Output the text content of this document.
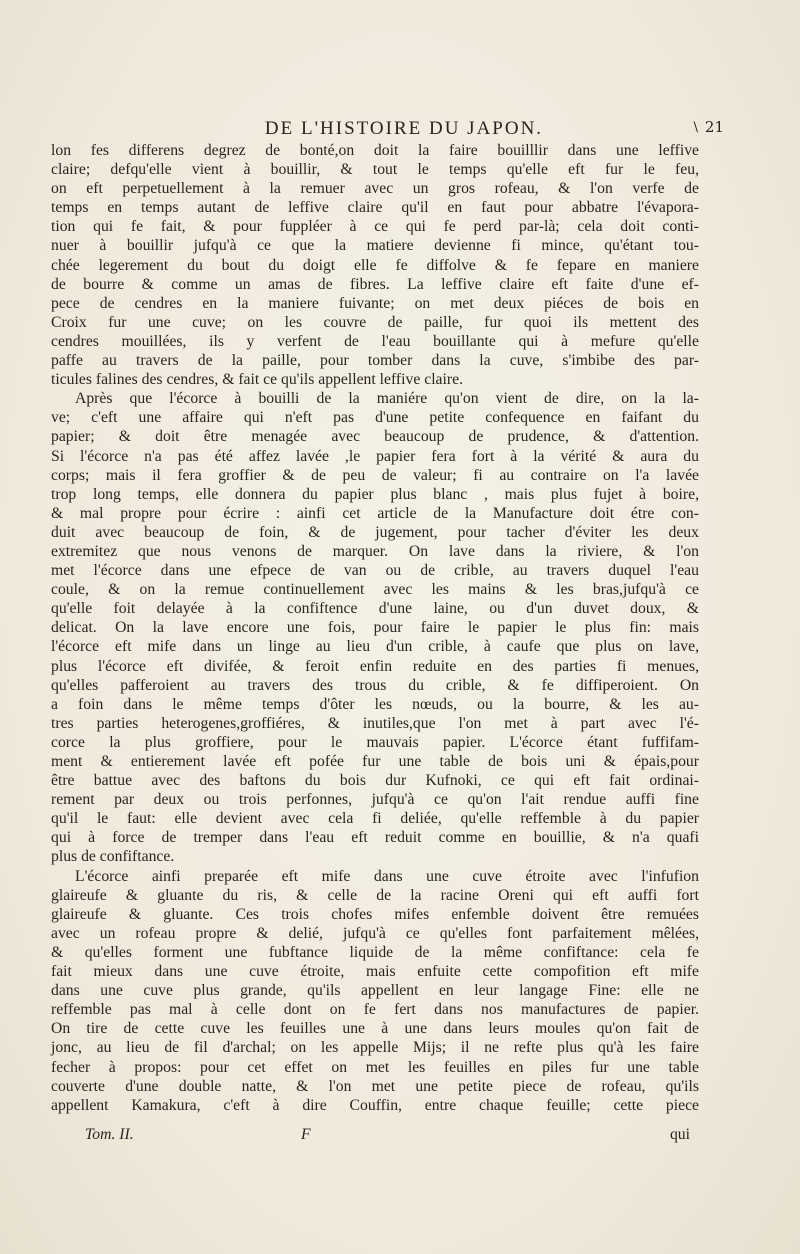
DE L'HISTOIRE DU JAPON.	\ 21
lon fes differens degrez de bonté,on doit la faire bouilllir dans une leffive
claire; defqu'elle vient à bouillir, & tout le temps qu'elle eft fur le feu,
on eft perpetuellement à la remuer avec un gros rofeau, & l'on verfe de
temps en temps autant de leffive claire qu'il en faut pour abbatre l'évapora-
tion qui fe fait, & pour fuppléer à ce qui fe perd par-là; cela doit conti-
nuer à bouillir jufqu'à ce que la matiere devienne fi mince, qu'étant tou-
chée legerement du bout du doigt elle fe diffolve & fe fepare en maniere
de bourre & comme un amas de fibres. La leffive claire eft faite d'une ef-
pece de cendres en la maniere fuivante; on met deux piéces de bois en
Croix fur une cuve; on les couvre de paille, fur quoi ils mettent des
cendres mouillées, ils y verfent de l'eau bouillante qui à mefure qu'elle
paffe au travers de la paille, pour tomber dans la cuve, s'imbibe des par-
ticules falines des cendres, & fait ce qu'ils appellent leffive claire.
Après que l'écorce à bouilli de la maniére qu'on vient de dire, on la la-
ve; c'eft une affaire qui n'eft pas d'une petite confequence en faifant du
papier; & doit être menagée avec beaucoup de prudence, & d'attention.
Si l'écorce n'a pas été affez lavée ,le papier fera fort à la vérité & aura du
corps; mais il fera groffier & de peu de valeur; fi au contraire on l'a lavée
trop long temps, elle donnera du papier plus blanc , mais plus fujet à boire,
& mal propre pour écrire : ainfi cet article de la Manufacture doit étre con-
duit avec beaucoup de foin, & de jugement, pour tacher d'éviter les deux
extremitez que nous venons de marquer. On lave dans la riviere, & l'on
met l'écorce dans une efpece de van ou de crible, au travers duquel l'eau
coule, & on la remue continuellement avec les mains & les bras,jufqu'à ce
qu'elle foit delayée à la confiftence d'une laine, ou d'un duvet doux, &
delicat. On la lave encore une fois, pour faire le papier le plus fin: mais
l'écorce eft mife dans un linge au lieu d'un crible, à caufe que plus on lave,
plus l'écorce eft divifée, & feroit enfin reduite en des parties fi menues,
qu'elles pafferoient au travers des trous du crible, & fe diffiperoient. On
a foin dans le même temps d'ôter les nœuds, ou la bourre, & les au-
tres parties heterogenes,groffiéres, & inutiles,que l'on met à part avec l'é-
corce la plus groffiere, pour le mauvais papier. L'écorce étant fuffifam-
ment & entierement lavée eft pofée fur une table de bois uni & épais,pour
être battue avec des baftons du bois dur Kufnoki, ce qui eft fait ordinai-
rement par deux ou trois perfonnes, jufqu'à ce qu'on l'ait rendue auffi fine
qu'il le faut: elle devient avec cela fi deliée, qu'elle reffemble à du papier
qui à force de tremper dans l'eau eft reduit comme en bouillie, & n'a quafi
plus de confiftance.
L'écorce ainfi preparée eft mife dans une cuve étroite avec l'infufion
glaireufe & gluante du ris, & celle de la racine Oreni qui eft auffi fort
glaireufe & gluante. Ces trois chofes mifes enfemble doivent être remuées
avec un rofeau propre & delié, jufqu'à ce qu'elles font parfaitement mêlées,
& qu'elles forment une fubftance liquide de la même confiftance: cela fe
fait mieux dans une cuve étroite, mais enfuite cette compofition eft mife
dans une cuve plus grande, qu'ils appellent en leur langage Fine: elle ne
reffemble pas mal à celle dont on fe fert dans nos manufactures de papier.
On tire de cette cuve les feuilles une à une dans leurs moules qu'on fait de
jonc, au lieu de fil d'archal; on les appelle Mijs; il ne refte plus qu'à les faire
fecher à propos: pour cet effet on met les feuilles en piles fur une table
couverte d'une double natte, & l'on met une petite piece de rofeau, qu'ils
appellent Kamakura, c'eft à dire Couffin, entre chaque feuille; cette piece
Tom. II.	F	qui
